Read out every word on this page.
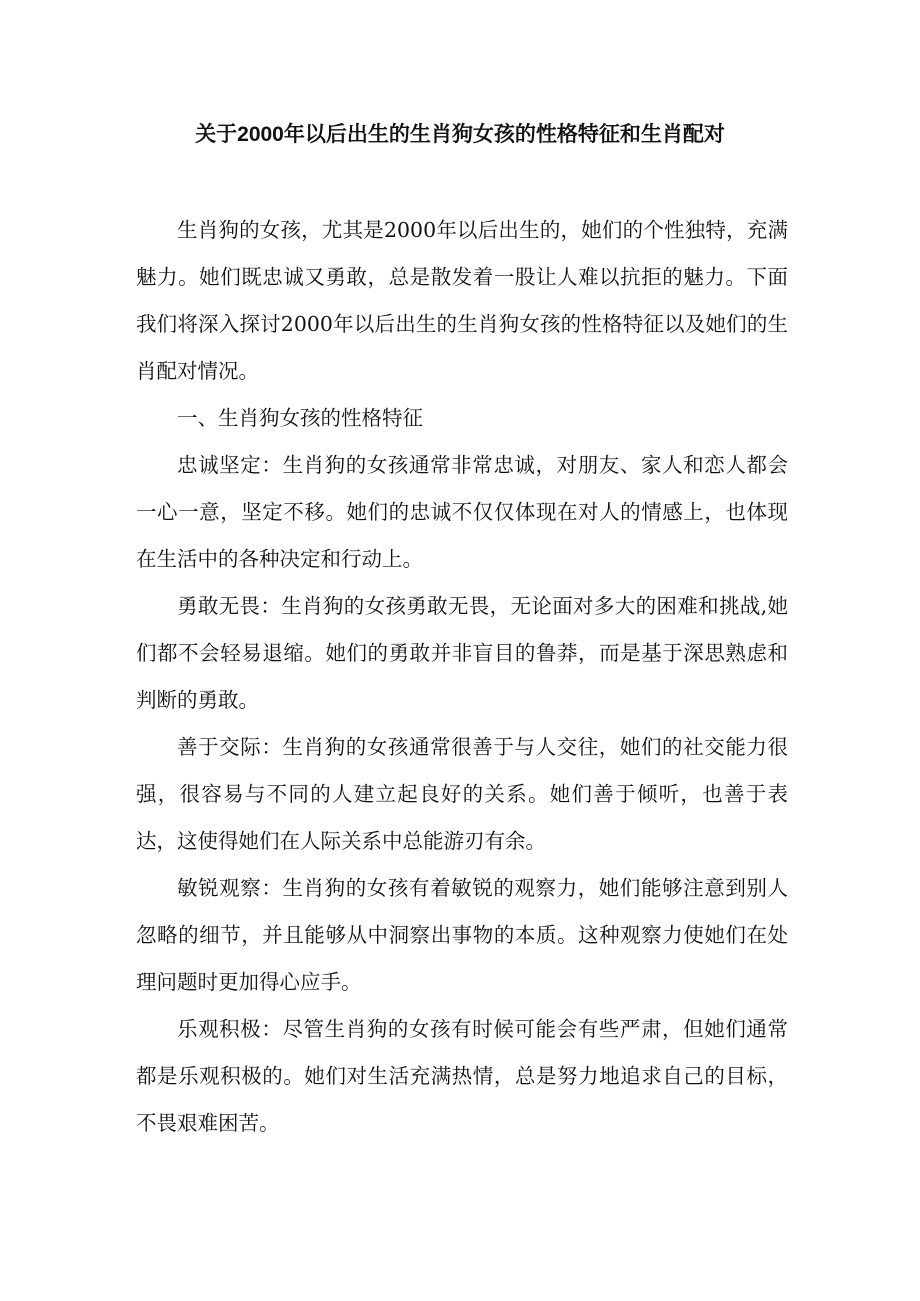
关于2000年以后出生的生肖狗女孩的性格特征和生肖配对

生肖狗的女孩，尤其是2000年以后出生的，她们的个性独特，充满魅力。她们既忠诚又勇敢，总是散发着一股让人难以抗拒的魅力。下面我们将深入探讨2000年以后出生的生肖狗女孩的性格特征以及她们的生肖配对情况。

一、生肖狗女孩的性格特征

忠诚坚定：生肖狗的女孩通常非常忠诚，对朋友、家人和恋人都会一心一意，坚定不移。她们的忠诚不仅仅体现在对人的情感上，也体现在生活中的各种决定和行动上。

勇敢无畏：生肖狗的女孩勇敢无畏，无论面对多大的困难和挑战,她们都不会轻易退缩。她们的勇敢并非盲目的鲁莽，而是基于深思熟虑和判断的勇敢。

善于交际：生肖狗的女孩通常很善于与人交往，她们的社交能力很强，很容易与不同的人建立起良好的关系。她们善于倾听，也善于表达，这使得她们在人际关系中总能游刃有余。

敏锐观察：生肖狗的女孩有着敏锐的观察力，她们能够注意到别人忽略的细节，并且能够从中洞察出事物的本质。这种观察力使她们在处理问题时更加得心应手。

乐观积极：尽管生肖狗的女孩有时候可能会有些严肃，但她们通常都是乐观积极的。她们对生活充满热情，总是努力地追求自己的目标，不畏艰难困苦。
